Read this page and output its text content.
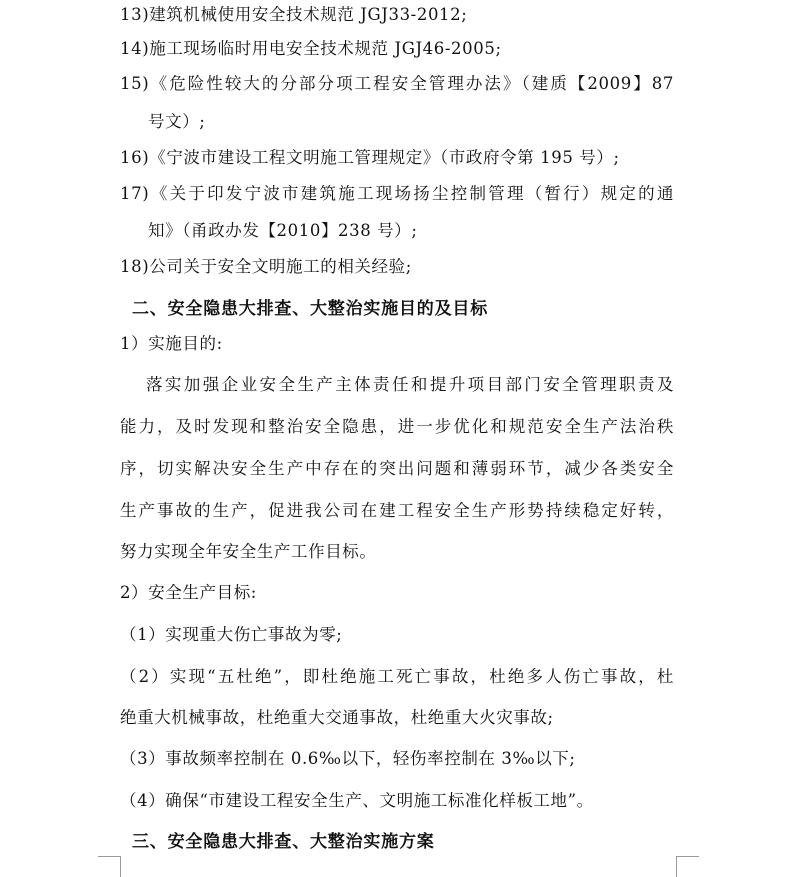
13)建筑机械使用安全技术规范 JGJ33-2012;
14)施工现场临时用电安全技术规范 JGJ46-2005;
15)《危险性较大的分部分项工程安全管理办法》（建质【2009】87
号文）;
16)《宁波市建设工程文明施工管理规定》（市政府令第 195 号）;
17)《关于印发宁波市建筑施工现场扬尘控制管理（暂行）规定的通
知》（甬政办发【2010】238 号）;
18)公司关于安全文明施工的相关经验;
二、安全隐患大排查、大整治实施目的及目标
1）实施目的:
落实加强企业安全生产主体责任和提升项目部门安全管理职责及
能力，及时发现和整治安全隐患，进一步优化和规范安全生产法治秩
序，切实解决安全生产中存在的突出问题和薄弱环节，减少各类安全
生产事故的生产，促进我公司在建工程安全生产形势持续稳定好转，
努力实现全年安全生产工作目标。
2）安全生产目标:
（1）实现重大伤亡事故为零;
（2）实现“五杜绝”，即杜绝施工死亡事故，杜绝多人伤亡事故，杜
绝重大机械事故，杜绝重大交通事故，杜绝重大火灾事故;
（3）事故频率控制在 0.6‰以下，轻伤率控制在 3‰以下;
（4）确保“市建设工程安全生产、文明施工标准化样板工地”。
三、安全隐患大排查、大整治实施方案
